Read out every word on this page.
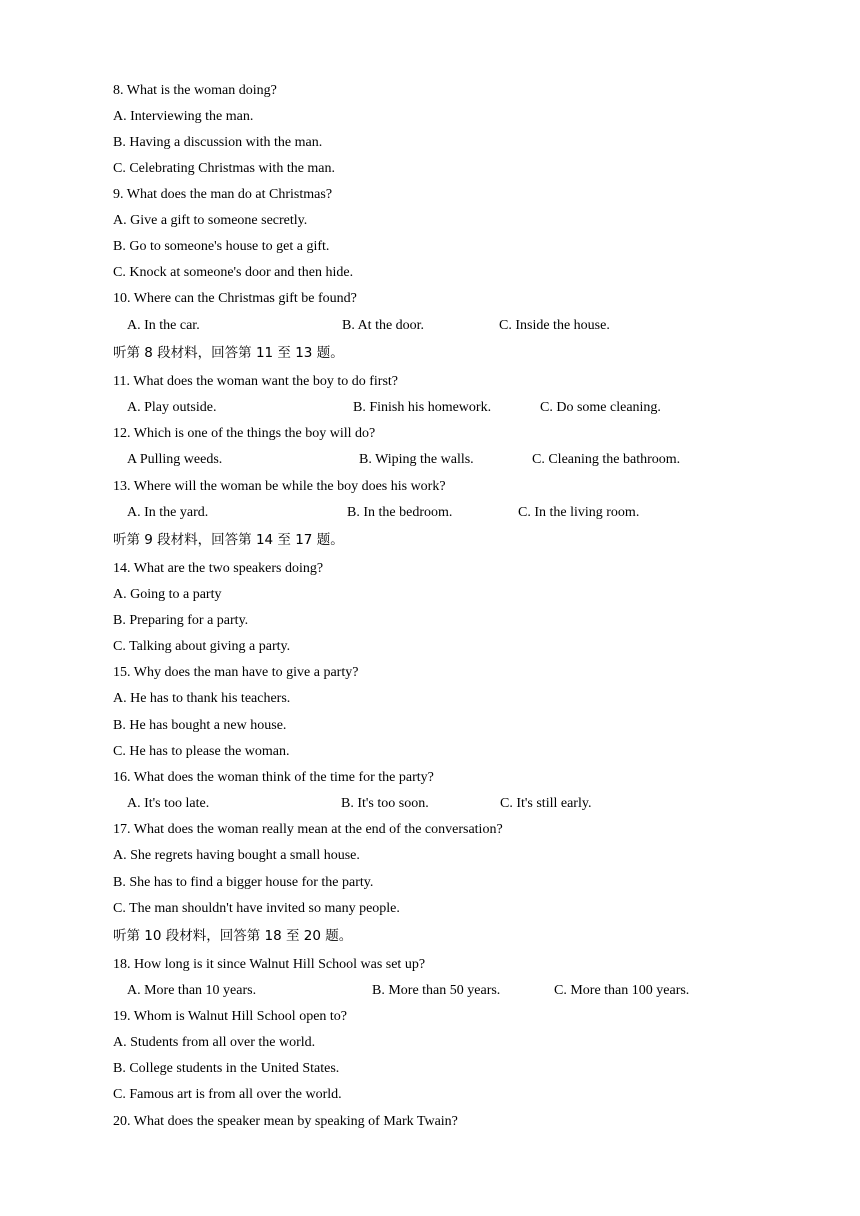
8. What is the woman doing?
A. Interviewing the man.
B. Having a discussion with the man.
C. Celebrating Christmas with the man.
9. What does the man do at Christmas?
A. Give a gift to someone secretly.
B. Go to someone's house to get a gift.
C. Knock at someone's door and then hide.
10. Where can the Christmas gift be found?
A. In the car.	B. At the door.	C. Inside the house.
听第 8 段材料，回答第 11 至 13 题。
11. What does the woman want the boy to do first?
A. Play outside.	B. Finish his homework.	C. Do some cleaning.
12. Which is one of the things the boy will do?
A Pulling weeds.	B. Wiping the walls.	C. Cleaning the bathroom.
13. Where will the woman be while the boy does his work?
A. In the yard.	B. In the bedroom.	C. In the living room.
听第 9 段材料，回答第 14 至 17 题。
14. What are the two speakers doing?
A. Going to a party
B. Preparing for a party.
C. Talking about giving a party.
15. Why does the man have to give a party?
A. He has to thank his teachers.
B. He has bought a new house.
C. He has to please the woman.
16. What does the woman think of the time for the party?
A. It's too late.	B. It's too soon.	C. It's still early.
17. What does the woman really mean at the end of the conversation?
A. She regrets having bought a small house.
B. She has to find a bigger house for the party.
C. The man shouldn't have invited so many people.
听第 10 段材料，回答第 18 至 20 题。
18. How long is it since Walnut Hill School was set up?
A. More than 10 years.	B. More than 50 years.	C. More than 100 years.
19. Whom is Walnut Hill School open to?
A. Students from all over the world.
B. College students in the United States.
C. Famous art is from all over the world.
20. What does the speaker mean by speaking of Mark Twain?
